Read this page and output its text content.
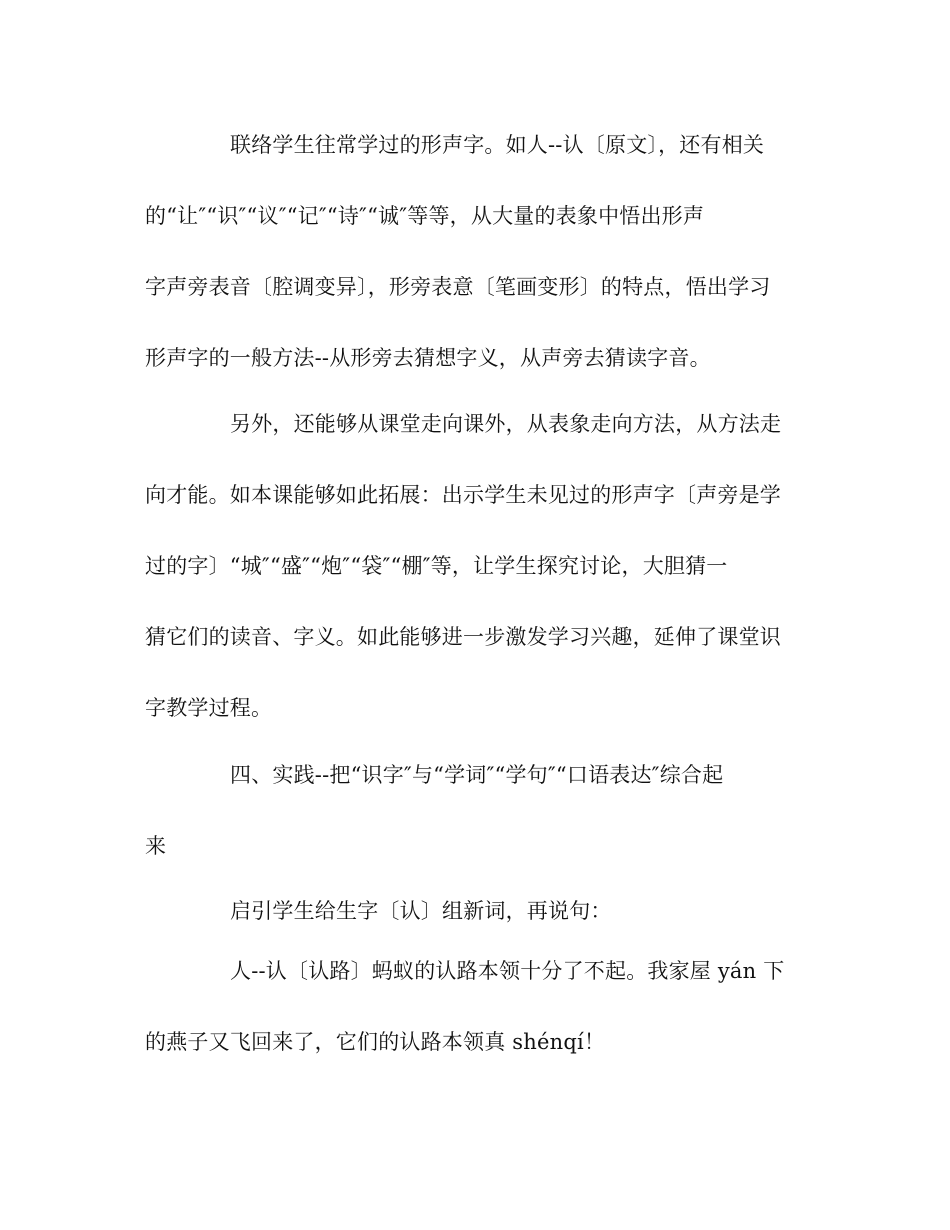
联络学生往常学过的形声字。如人--认〔原文〕，还有相关

的“让″“识″“议″“记″“诗″“诚″等等，从大量的表象中悟出形声

字声旁表音〔腔调变异〕，形旁表意〔笔画变形〕的特点，悟出学习

形声字的一般方法--从形旁去猜想字义，从声旁去猜读字音。

另外，还能够从课堂走向课外，从表象走向方法，从方法走

向才能。如本课能够如此拓展：出示学生未见过的形声字〔声旁是学

过的字〕“城″“盛″“炮″“袋″“棚″等，让学生探究讨论，大胆猜一

猜它们的读音、字义。如此能够进一步激发学习兴趣，延伸了课堂识

字教学过程。

四、实践--把“识字″与“学词″“学句″“口语表达″综合起

来

启引学生给生字〔认〕组新词，再说句：

人--认〔认路〕蚂蚁的认路本领十分了不起。我家屋 yán 下

的燕子又飞回来了，它们的认路本领真 shénqí！
